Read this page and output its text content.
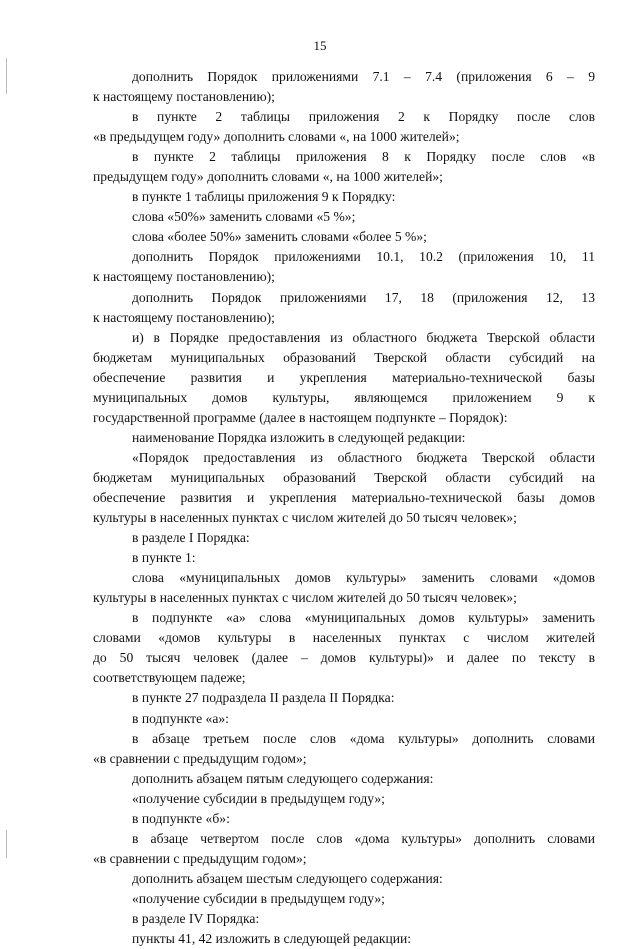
15
дополнить Порядок приложениями 7.1 – 7.4 (приложения 6 – 9
к настоящему постановлению);
в пункте 2 таблицы приложения 2 к Порядку после слов
«в предыдущем году» дополнить словами «, на 1000 жителей»;
в пункте 2 таблицы приложения 8 к Порядку после слов «в
предыдущем году» дополнить словами «, на 1000 жителей»;
в пункте 1 таблицы приложения 9 к Порядку:
слова «50%» заменить словами «5 %»;
слова «более 50%» заменить словами «более 5 %»;
дополнить Порядок приложениями 10.1, 10.2 (приложения 10, 11
к настоящему постановлению);
дополнить Порядок приложениями 17, 18 (приложения 12, 13
к настоящему постановлению);
и) в Порядке предоставления из областного бюджета Тверской области
бюджетам муниципальных образований Тверской области субсидий на
обеспечение развития и укрепления материально-технической базы
муниципальных домов культуры, являющемся приложением 9 к
государственной программе (далее в настоящем подпункте – Порядок):
наименование Порядка изложить в следующей редакции:
«Порядок предоставления из областного бюджета Тверской области
бюджетам муниципальных образований Тверской области субсидий на
обеспечение развития и укрепления материально-технической базы домов
культуры в населенных пунктах с числом жителей до 50 тысяч человек»;
в разделе I Порядка:
в пункте 1:
слова «муниципальных домов культуры» заменить словами «домов
культуры в населенных пунктах с числом жителей до 50 тысяч человек»;
в подпункте «а» слова «муниципальных домов культуры» заменить
словами «домов культуры в населенных пунктах с числом жителей
до 50 тысяч человек (далее – домов культуры)» и далее по тексту в
соответствующем падеже;
в пункте 27 подраздела II раздела II Порядка:
в подпункте «а»:
в абзаце третьем после слов «дома культуры» дополнить словами
«в сравнении с предыдущим годом»;
дополнить абзацем пятым следующего содержания:
«получение субсидии в предыдущем году»;
в подпункте «б»:
в абзаце четвертом после слов «дома культуры» дополнить словами
«в сравнении с предыдущим годом»;
дополнить абзацем шестым следующего содержания:
«получение субсидии в предыдущем году»;
в разделе IV Порядка:
пункты 41, 42 изложить в следующей редакции:
